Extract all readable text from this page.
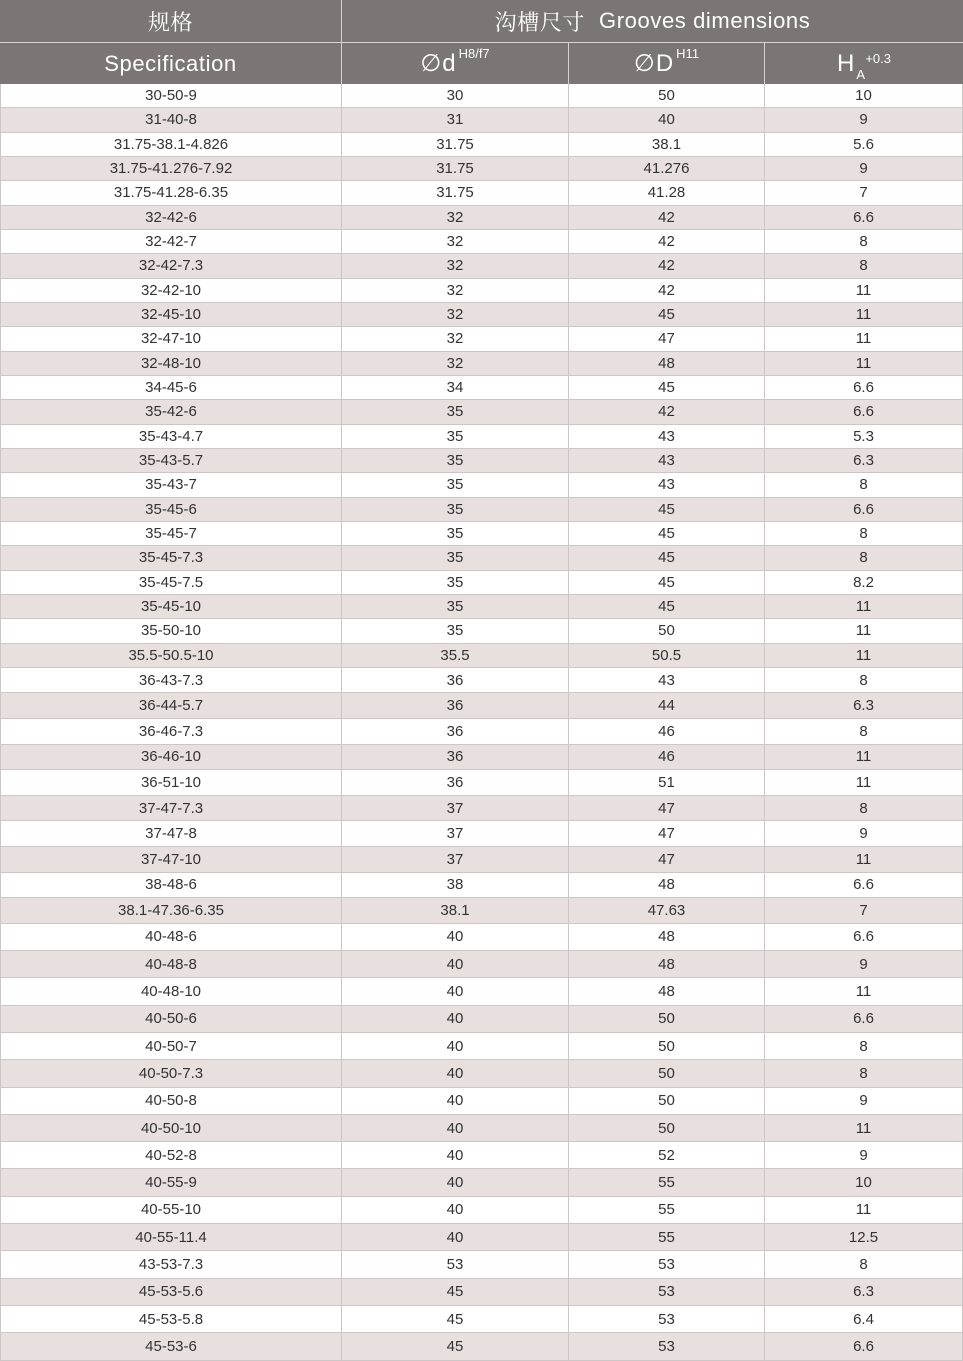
规格	沟槽尺寸 Grooves dimensions
Specification	∅d H8/f7	∅D H11	H +0.3
A
30-50-9	30	50	10
31-40-8	31	40	9
31.75-38.1-4.826	31.75	38.1	5.6
31.75-41.276-7.92	31.75	41.276	9
31.75-41.28-6.35	31.75	41.28	7
32-42-6	32	42	6.6
32-42-7	32	42	8
32-42-7.3	32	42	8
32-42-10	32	42	11
32-45-10	32	45	11
32-47-10	32	47	11
32-48-10	32	48	11
34-45-6	34	45	6.6
35-42-6	35	42	6.6
35-43-4.7	35	43	5.3
35-43-5.7	35	43	6.3
35-43-7	35	43	8
35-45-6	35	45	6.6
35-45-7	35	45	8
35-45-7.3	35	45	8
35-45-7.5	35	45	8.2
35-45-10	35	45	11
35-50-10	35	50	11
35.5-50.5-10	35.5	50.5	11
36-43-7.3	36	43	8
36-44-5.7	36	44	6.3
36-46-7.3	36	46	8
36-46-10	36	46	11
36-51-10	36	51	11
37-47-7.3	37	47	8
37-47-8	37	47	9
37-47-10	37	47	11
38-48-6	38	48	6.6
38.1-47.36-6.35	38.1	47.63	7
40-48-6	40	48	6.6
40-48-8	40	48	9
40-48-10	40	48	11
40-50-6	40	50	6.6
40-50-7	40	50	8
40-50-7.3	40	50	8
40-50-8	40	50	9
40-50-10	40	50	11
40-52-8	40	52	9
40-55-9	40	55	10
40-55-10	40	55	11
40-55-11.4	40	55	12.5
43-53-7.3	53	53	8
45-53-5.6	45	53	6.3
45-53-5.8	45	53	6.4
45-53-6	45	53	6.6
